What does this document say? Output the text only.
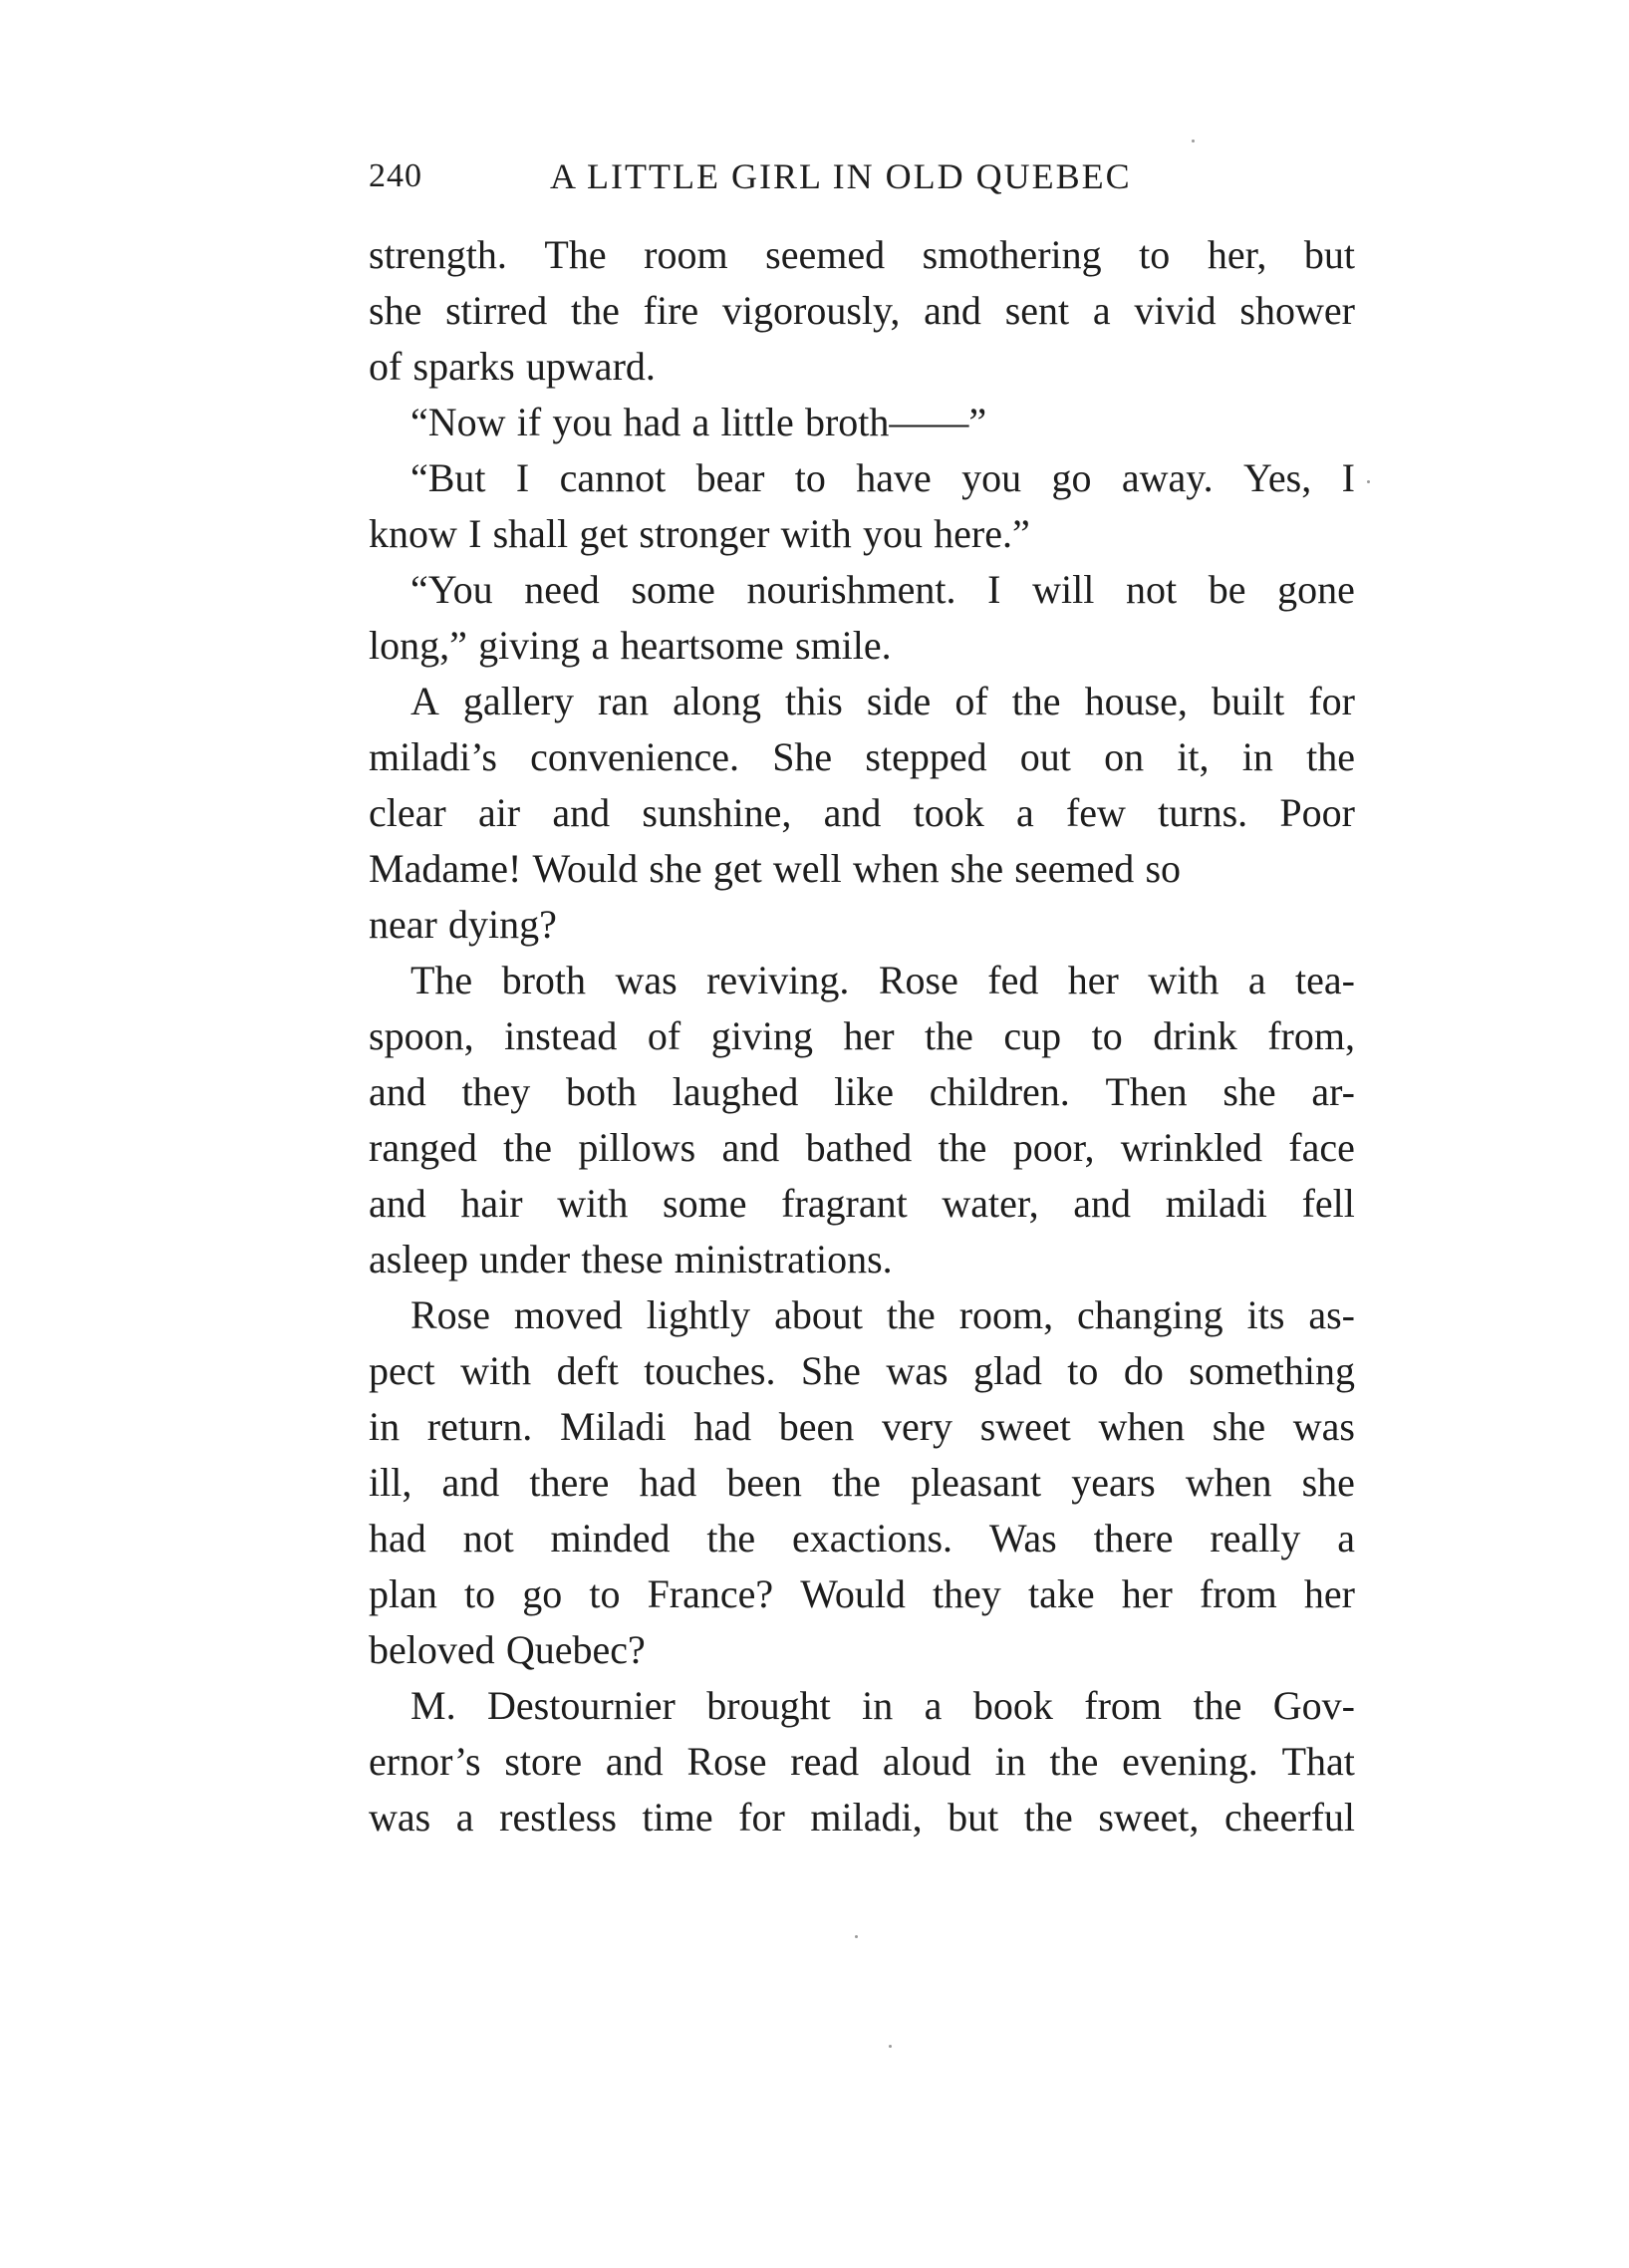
240	A LITTLE GIRL IN OLD QUEBEC
strength. The room seemed smothering to her, but
she stirred the fire vigorously, and sent a vivid shower
of sparks upward.
“Now if you had a little broth——”
“But I cannot bear to have you go away. Yes, I
know I shall get stronger with you here.”
“You need some nourishment. I will not be gone
long,” giving a heartsome smile.
A gallery ran along this side of the house, built for
miladi’s convenience. She stepped out on it, in the
clear air and sunshine, and took a few turns. Poor
Madame! Would she get well when she seemed so
near dying?
The broth was reviving. Rose fed her with a tea-
spoon, instead of giving her the cup to drink from,
and they both laughed like children. Then she ar-
ranged the pillows and bathed the poor, wrinkled face
and hair with some fragrant water, and miladi fell
asleep under these ministrations.
Rose moved lightly about the room, changing its as-
pect with deft touches. She was glad to do something
in return. Miladi had been very sweet when she was
ill, and there had been the pleasant years when she
had not minded the exactions. Was there really a
plan to go to France? Would they take her from her
beloved Quebec?
M. Destournier brought in a book from the Gov-
ernor’s store and Rose read aloud in the evening. That
was a restless time for miladi, but the sweet, cheerful
